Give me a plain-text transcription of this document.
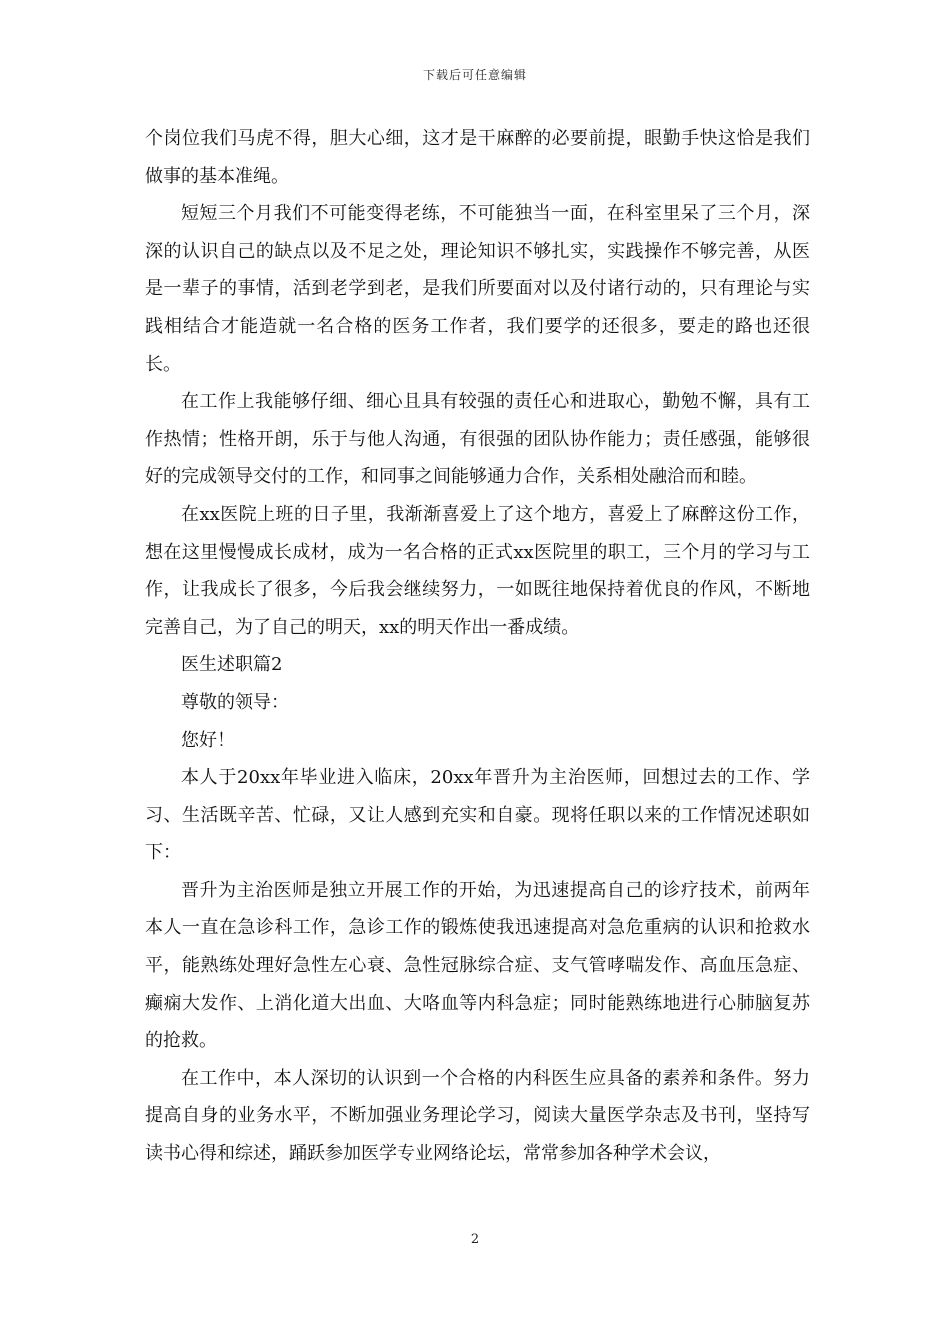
下载后可任意编辑

个岗位我们马虎不得，胆大心细，这才是干麻醉的必要前提，眼勤手快这恰是我们做事的基本准绳。

短短三个月我们不可能变得老练，不可能独当一面，在科室里呆了三个月，深深的认识自己的缺点以及不足之处，理论知识不够扎实，实践操作不够完善，从医是一辈子的事情，活到老学到老，是我们所要面对以及付诸行动的，只有理论与实践相结合才能造就一名合格的医务工作者，我们要学的还很多，要走的路也还很长。

在工作上我能够仔细、细心且具有较强的责任心和进取心，勤勉不懈，具有工作热情；性格开朗，乐于与他人沟通，有很强的团队协作能力；责任感强，能够很好的完成领导交付的工作，和同事之间能够通力合作，关系相处融洽而和睦。

在xx医院上班的日子里，我渐渐喜爱上了这个地方，喜爱上了麻醉这份工作，想在这里慢慢成长成材，成为一名合格的正式xx医院里的职工，三个月的学习与工作，让我成长了很多，今后我会继续努力，一如既往地保持着优良的作风，不断地完善自己，为了自己的明天，xx的明天作出一番成绩。

医生述职篇2

尊敬的领导：

您好！

本人于20xx年毕业进入临床，20xx年晋升为主治医师，回想过去的工作、学习、生活既辛苦、忙碌，又让人感到充实和自豪。现将任职以来的工作情况述职如下：

晋升为主治医师是独立开展工作的开始，为迅速提高自己的诊疗技术，前两年本人一直在急诊科工作，急诊工作的锻炼使我迅速提高对急危重病的认识和抢救水平，能熟练处理好急性左心衰、急性冠脉综合症、支气管哮喘发作、高血压急症、癫痫大发作、上消化道大出血、大咯血等内科急症；同时能熟练地进行心肺脑复苏的抢救。

在工作中，本人深切的认识到一个合格的内科医生应具备的素养和条件。努力提高自身的业务水平，不断加强业务理论学习，阅读大量医学杂志及书刊，坚持写读书心得和综述，踊跃参加医学专业网络论坛，常常参加各种学术会议，

2
